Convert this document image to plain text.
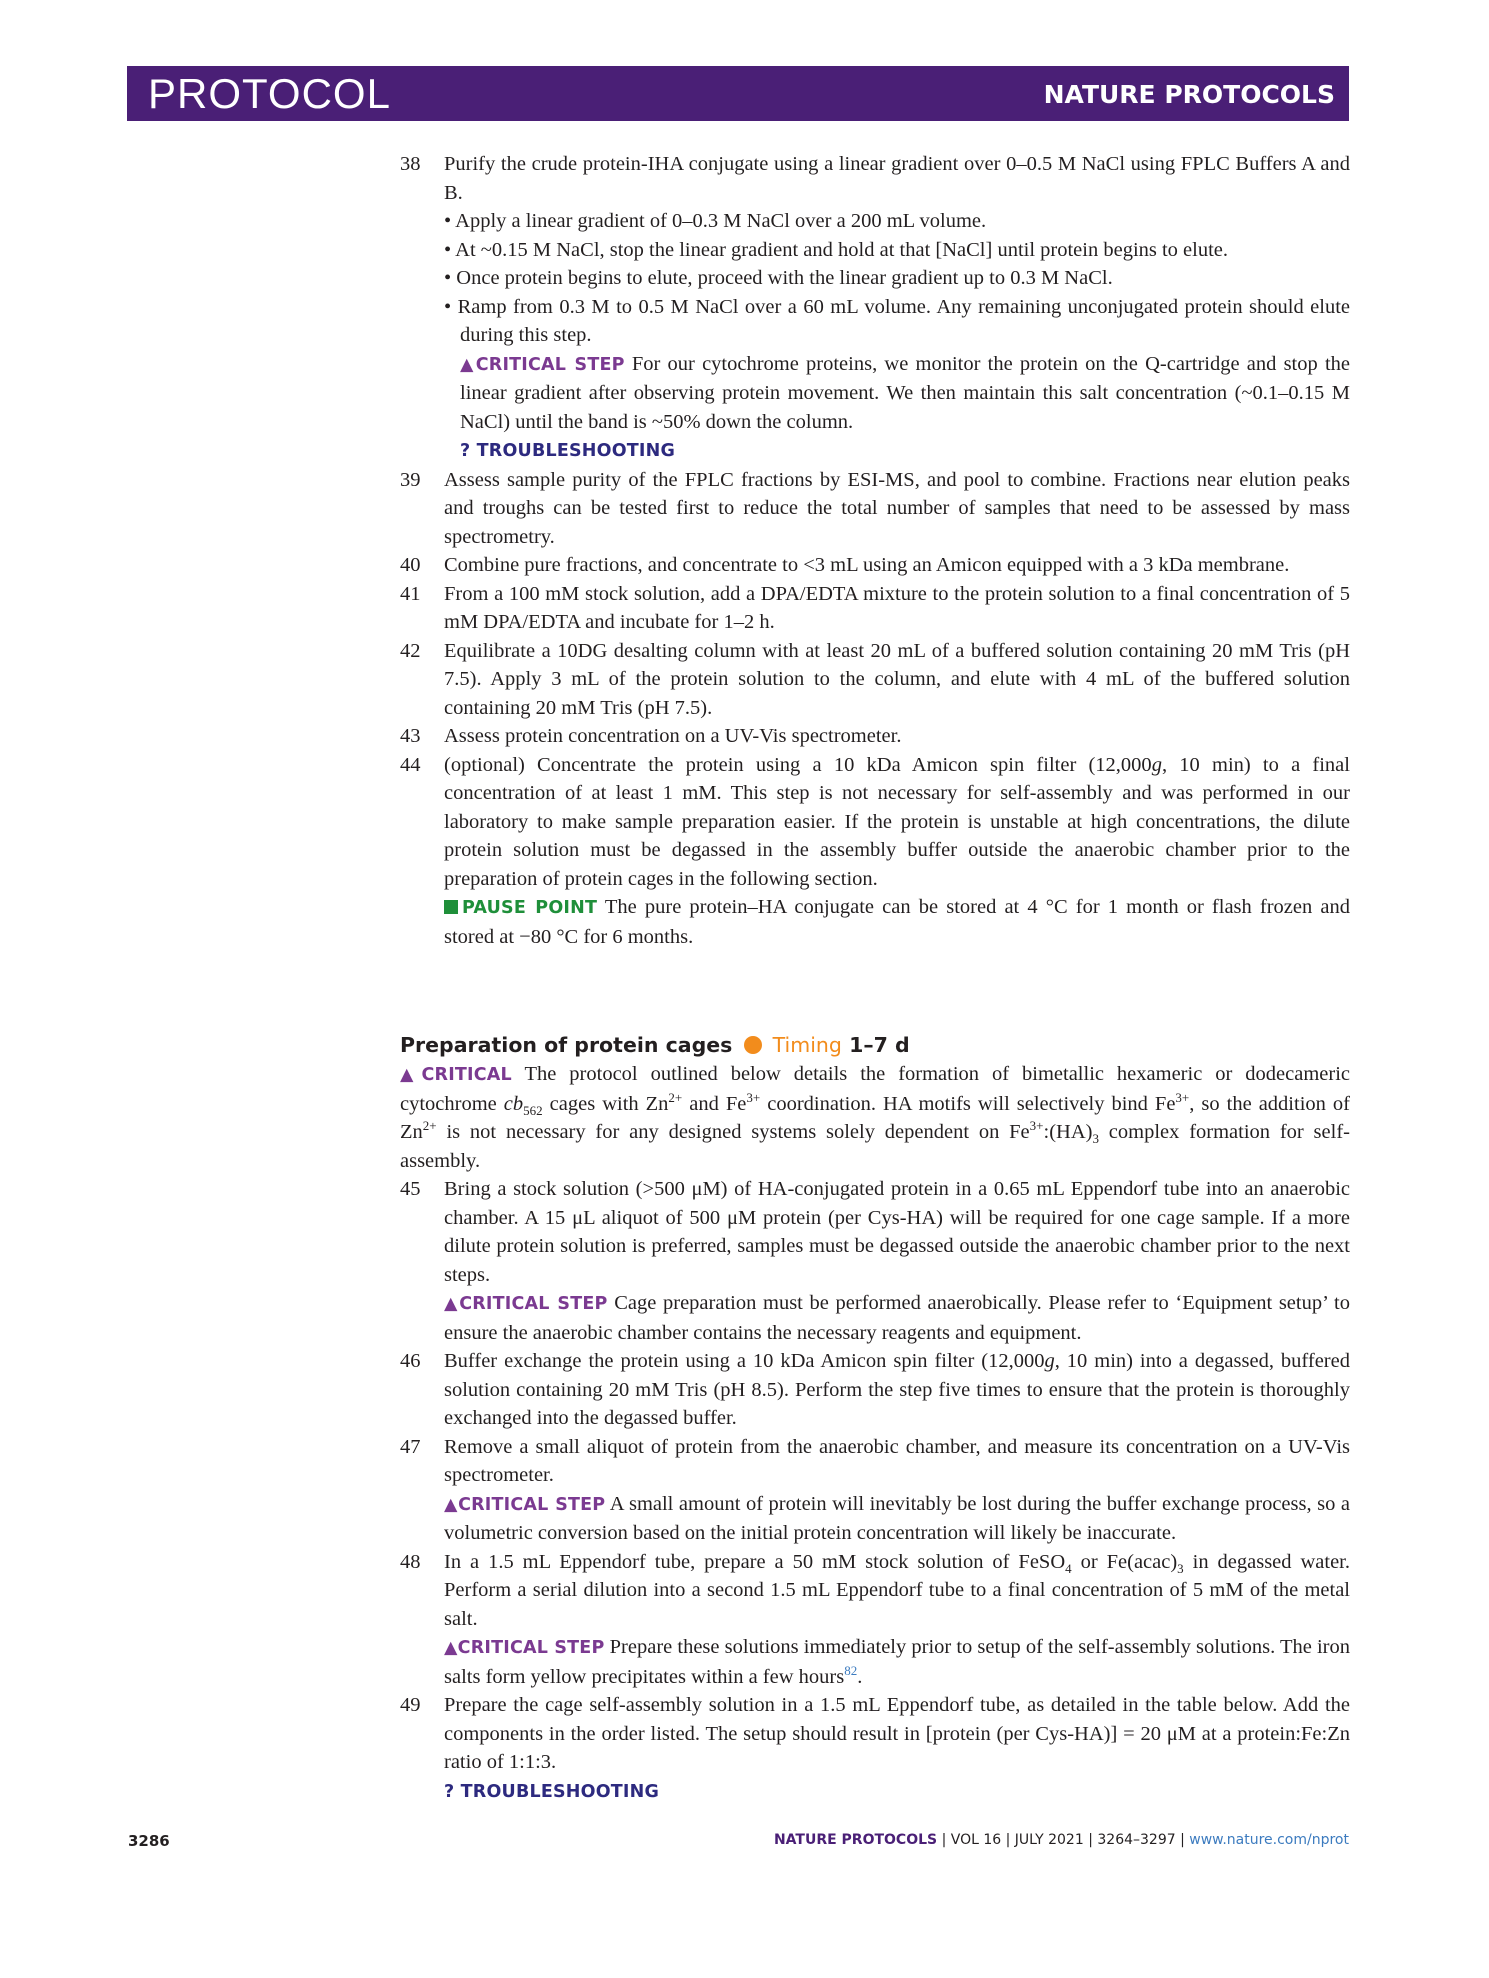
PROTOCOL	NATURE PROTOCOLS
38	Purify the crude protein-IHA conjugate using a linear gradient over 0–0.5 M NaCl using FPLC Buffers A and B.
• Apply a linear gradient of 0–0.3 M NaCl over a 200 mL volume.
• At ~0.15 M NaCl, stop the linear gradient and hold at that [NaCl] until protein begins to elute.
• Once protein begins to elute, proceed with the linear gradient up to 0.3 M NaCl.
• Ramp from 0.3 M to 0.5 M NaCl over a 60 mL volume. Any remaining unconjugated protein should elute during this step.
▲CRITICAL STEP For our cytochrome proteins, we monitor the protein on the Q-cartridge and stop the linear gradient after observing protein movement. We then maintain this salt concentration (~0.1–0.15 M NaCl) until the band is ~50% down the column.
? TROUBLESHOOTING
39	Assess sample purity of the FPLC fractions by ESI-MS, and pool to combine. Fractions near elution peaks and troughs can be tested first to reduce the total number of samples that need to be assessed by mass spectrometry.
40	Combine pure fractions, and concentrate to <3 mL using an Amicon equipped with a 3 kDa membrane.
41	From a 100 mM stock solution, add a DPA/EDTA mixture to the protein solution to a final concentration of 5 mM DPA/EDTA and incubate for 1–2 h.
42	Equilibrate a 10DG desalting column with at least 20 mL of a buffered solution containing 20 mM Tris (pH 7.5). Apply 3 mL of the protein solution to the column, and elute with 4 mL of the buffered solution containing 20 mM Tris (pH 7.5).
43	Assess protein concentration on a UV-Vis spectrometer.
44	(optional) Concentrate the protein using a 10 kDa Amicon spin filter (12,000g, 10 min) to a final concentration of at least 1 mM. This step is not necessary for self-assembly and was performed in our laboratory to make sample preparation easier. If the protein is unstable at high concentrations, the dilute protein solution must be degassed in the assembly buffer outside the anaerobic chamber prior to the preparation of protein cages in the following section.
PAUSE POINT The pure protein–HA conjugate can be stored at 4 °C for 1 month or flash frozen and stored at −80 °C for 6 months.
Preparation of protein cages Timing 1–7 d
▲CRITICAL The protocol outlined below details the formation of bimetallic hexameric or dodecameric cytochrome $cb_{562}$ cages with $Zn^{2+}$ and $Fe^{3+}$ coordination. HA motifs will selectively bind $Fe^{3+}$, so the addition of $Zn^{2+}$ is not necessary for any designed systems solely dependent on $Fe^{3+}:(HA)_3$ complex formation for self-assembly.
45	Bring a stock solution (>500 μM) of HA-conjugated protein in a 0.65 mL Eppendorf tube into an anaerobic chamber. A 15 μL aliquot of 500 μM protein (per Cys-HA) will be required for one cage sample. If a more dilute protein solution is preferred, samples must be degassed outside the anaerobic chamber prior to the next steps.
▲CRITICAL STEP Cage preparation must be performed anaerobically. Please refer to ‘Equipment setup’ to ensure the anaerobic chamber contains the necessary reagents and equipment.
46	Buffer exchange the protein using a 10 kDa Amicon spin filter (12,000g, 10 min) into a degassed, buffered solution containing 20 mM Tris (pH 8.5). Perform the step five times to ensure that the protein is thoroughly exchanged into the degassed buffer.
47	Remove a small aliquot of protein from the anaerobic chamber, and measure its concentration on a UV-Vis spectrometer.
▲CRITICAL STEP A small amount of protein will inevitably be lost during the buffer exchange process, so a volumetric conversion based on the initial protein concentration will likely be inaccurate.
48	In a 1.5 mL Eppendorf tube, prepare a 50 mM stock solution of FeSO$_4$ or $Fe(acac)_3$ in degassed water. Perform a serial dilution into a second 1.5 mL Eppendorf tube to a final concentration of 5 mM of the metal salt.
▲CRITICAL STEP Prepare these solutions immediately prior to setup of the self-assembly solutions. The iron salts form yellow precipitates within a few hours$^{82}$.
49	Prepare the cage self-assembly solution in a 1.5 mL Eppendorf tube, as detailed in the table below. Add the components in the order listed. The setup should result in [protein (per Cys-HA)] = 20 μM at a protein:Fe:Zn ratio of 1:1:3.
? TROUBLESHOOTING
3286	NATURE PROTOCOLS | VOL 16 | JULY 2021 | 3264–3297 | www.nature.com/nprot
